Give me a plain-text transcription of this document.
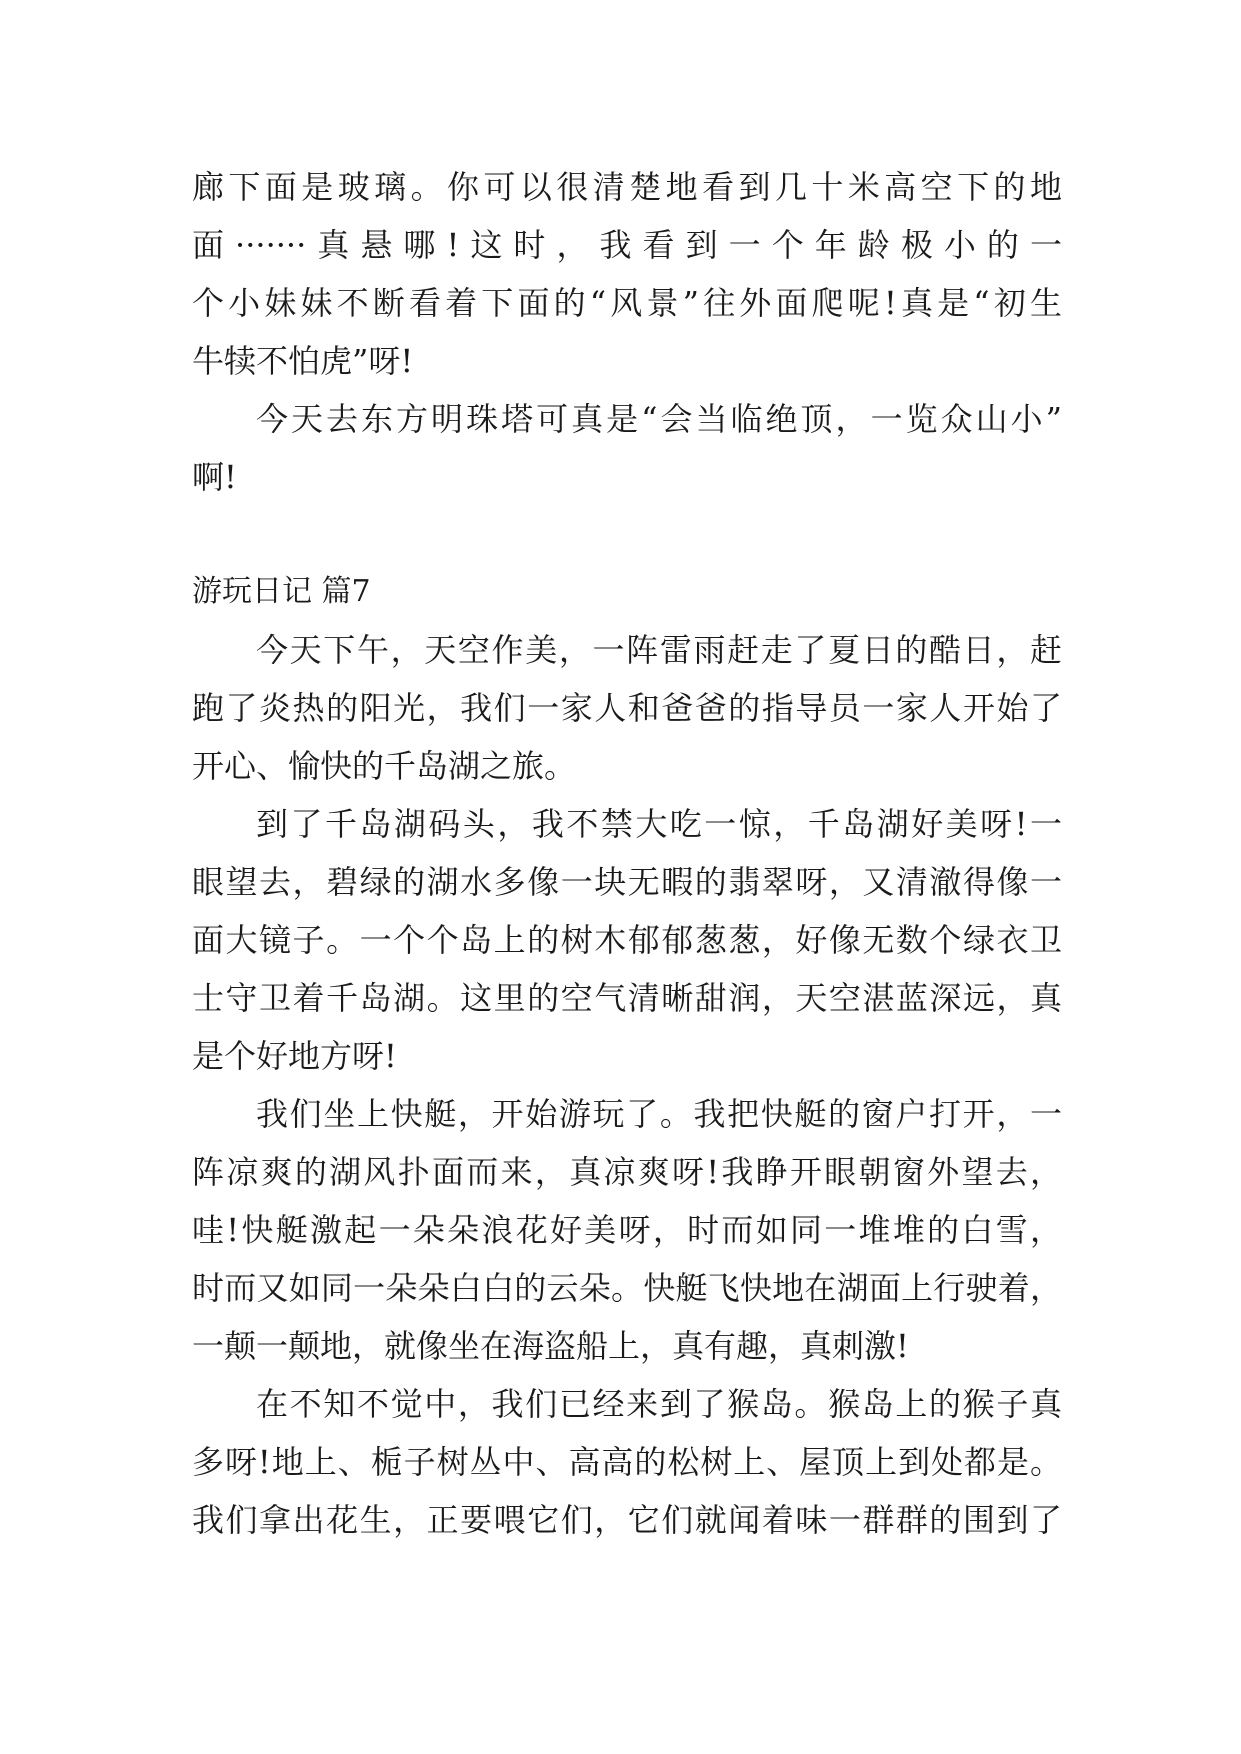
廊下面是玻璃。你可以很清楚地看到几十米高空下的地
面·······真悬哪!这时，我看到一个年龄极小的一
个小妹妹不断看着下面的“风景”往外面爬呢!真是“初生
牛犊不怕虎”呀!
今天去东方明珠塔可真是“会当临绝顶，一览众山小”
啊!
游玩日记 篇7
今天下午，天空作美，一阵雷雨赶走了夏日的酷日，赶
跑了炎热的阳光，我们一家人和爸爸的指导员一家人开始了
开心、愉快的千岛湖之旅。
到了千岛湖码头，我不禁大吃一惊，千岛湖好美呀!一
眼望去，碧绿的湖水多像一块无暇的翡翠呀，又清澈得像一
面大镜子。一个个岛上的树木郁郁葱葱，好像无数个绿衣卫
士守卫着千岛湖。这里的空气清晰甜润，天空湛蓝深远，真
是个好地方呀!
我们坐上快艇，开始游玩了。我把快艇的窗户打开，一
阵凉爽的湖风扑面而来，真凉爽呀!我睁开眼朝窗外望去，
哇!快艇激起一朵朵浪花好美呀，时而如同一堆堆的白雪，
时而又如同一朵朵白白的云朵。快艇飞快地在湖面上行驶着，
一颠一颠地，就像坐在海盗船上，真有趣，真刺激!
在不知不觉中，我们已经来到了猴岛。猴岛上的猴子真
多呀!地上、栀子树丛中、高高的松树上、屋顶上到处都是。
我们拿出花生，正要喂它们，它们就闻着味一群群的围到了
